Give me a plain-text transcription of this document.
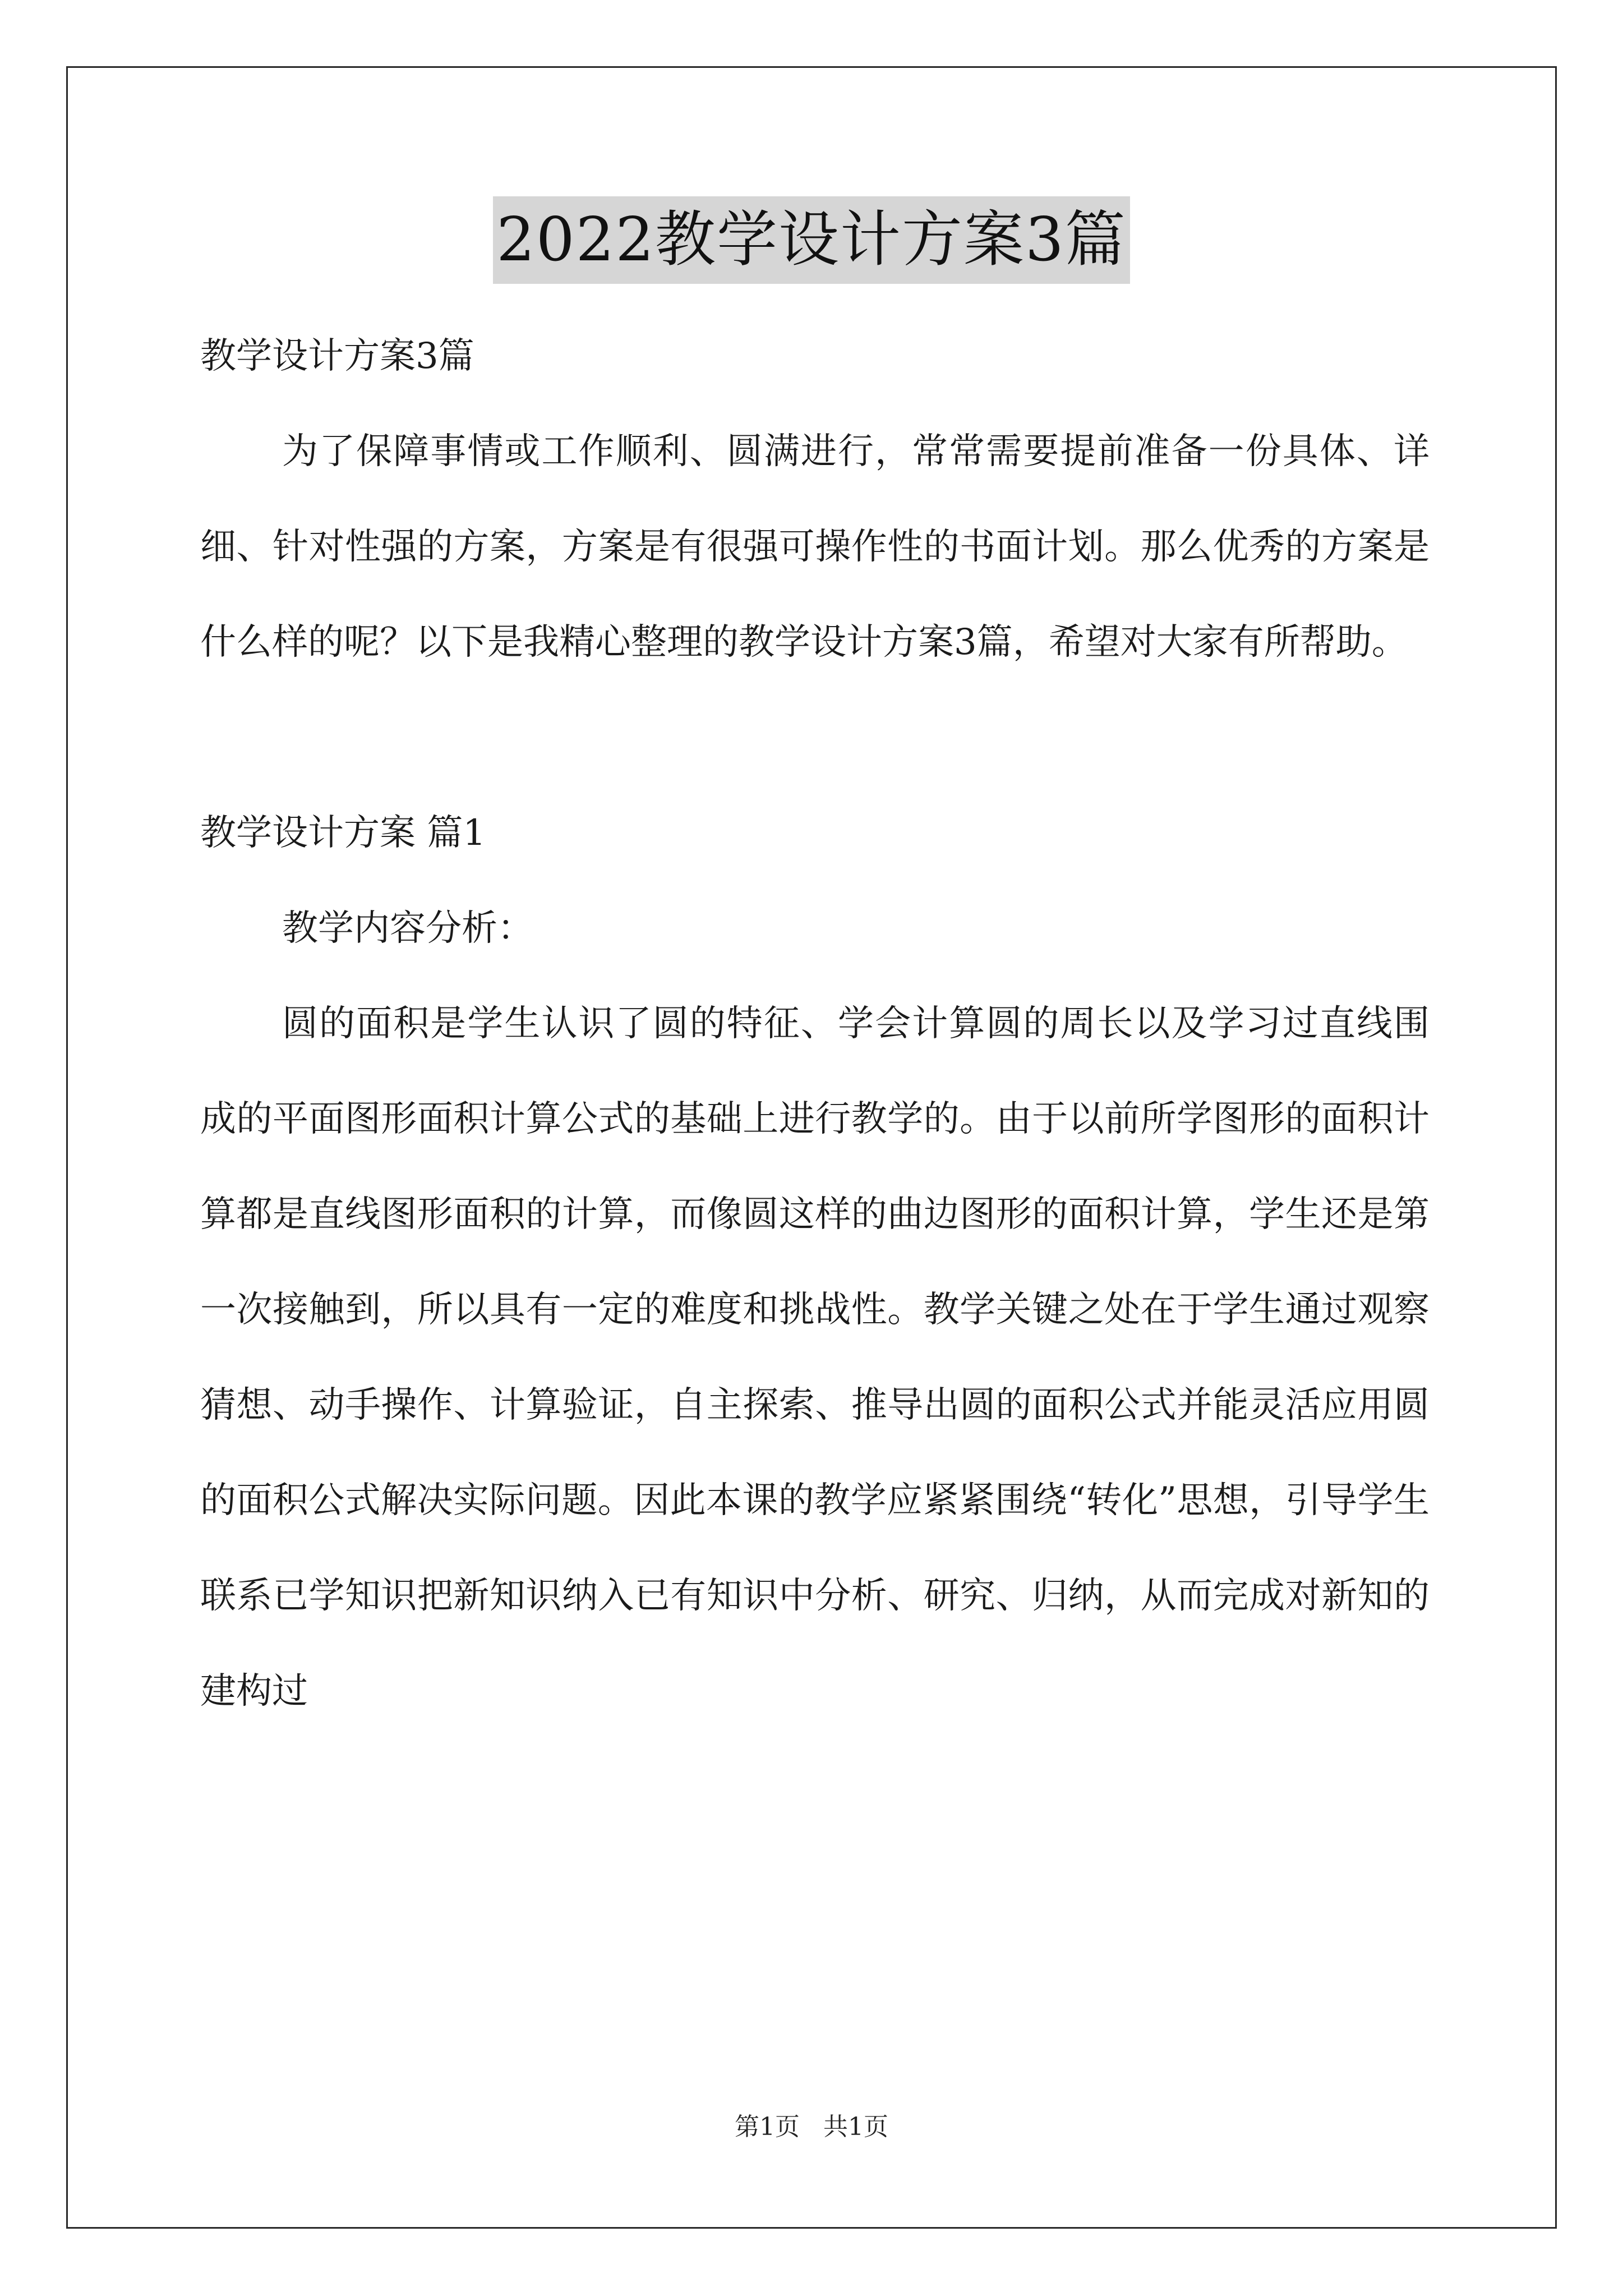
2022教学设计方案3篇

教学设计方案3篇

为了保障事情或工作顺利、圆满进行，常常需要提前准备一份具体、详细、针对性强的方案，方案是有很强可操作性的书面计划。那么优秀的方案是什么样的呢？以下是我精心整理的教学设计方案3篇，希望对大家有所帮助。

教学设计方案 篇1

教学内容分析：

圆的面积是学生认识了圆的特征、学会计算圆的周长以及学习过直线围成的平面图形面积计算公式的基础上进行教学的。由于以前所学图形的面积计算都是直线图形面积的计算，而像圆这样的曲边图形的面积计算，学生还是第一次接触到，所以具有一定的难度和挑战性。教学关键之处在于学生通过观察猜想、动手操作、计算验证，自主探索、推导出圆的面积公式并能灵活应用圆的面积公式解决实际问题。因此本课的教学应紧紧围绕“转化”思想，引导学生联系已学知识把新知识纳入已有知识中分析、研究、归纳，从而完成对新知的建构过

第1页   共1页
